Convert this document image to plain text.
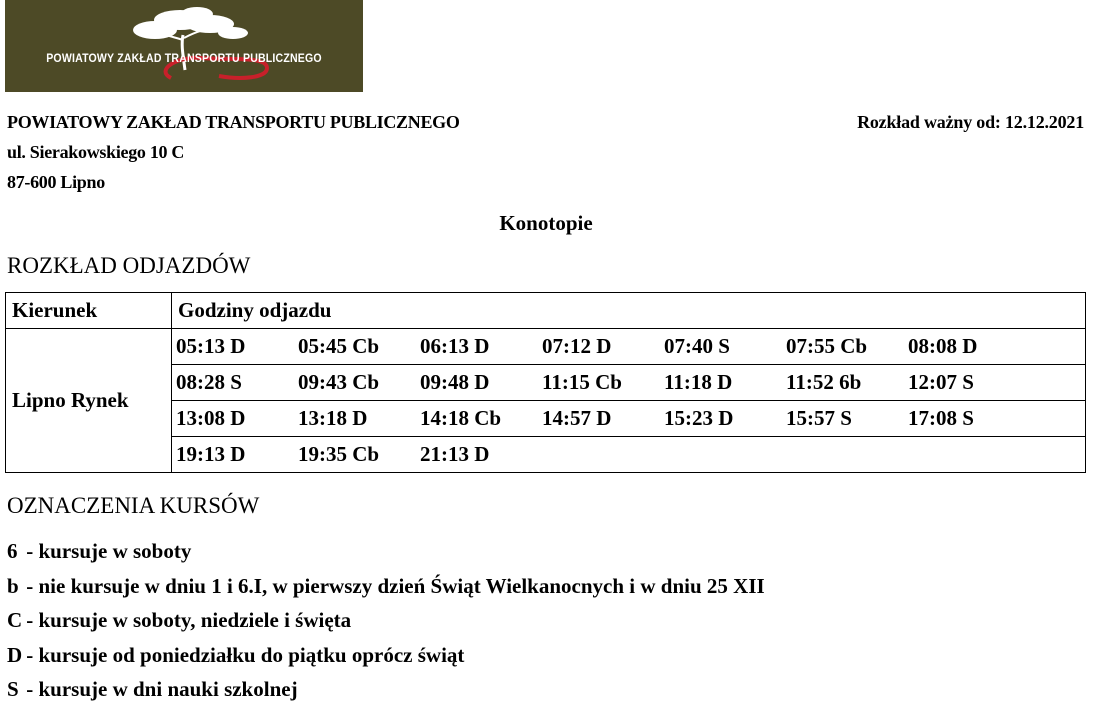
POWIATOWY ZAKŁAD TRANSPORTU PUBLICZNEGO
POWIATOWY ZAKŁAD TRANSPORTU PUBLICZNEGO
ul. Sierakowskiego 10 C
87-600 Lipno
Rozkład ważny od: 12.12.2021
Konotopie
ROZKŁAD ODJAZDÓW
Kierunek	Godziny odjazdu
Lipno Rynek	05:13 D 05:45 Cb 06:13 D 07:12 D 07:40 S 07:55 Cb 08:08 D
	08:28 S 09:43 Cb 09:48 D 11:15 Cb 11:18 D 11:52 6b 12:07 S
	13:08 D 13:18 D 14:18 Cb 14:57 D 15:23 D 15:57 S 17:08 S
	19:13 D 19:35 Cb 21:13 D
OZNACZENIA KURSÓW
6 - kursuje w soboty
b - nie kursuje w dniu 1 i 6.I, w pierwszy dzień Świąt Wielkanocnych i w dniu 25 XII
C - kursuje w soboty, niedziele i święta
D - kursuje od poniedziałku do piątku oprócz świąt
S - kursuje w dni nauki szkolnej
